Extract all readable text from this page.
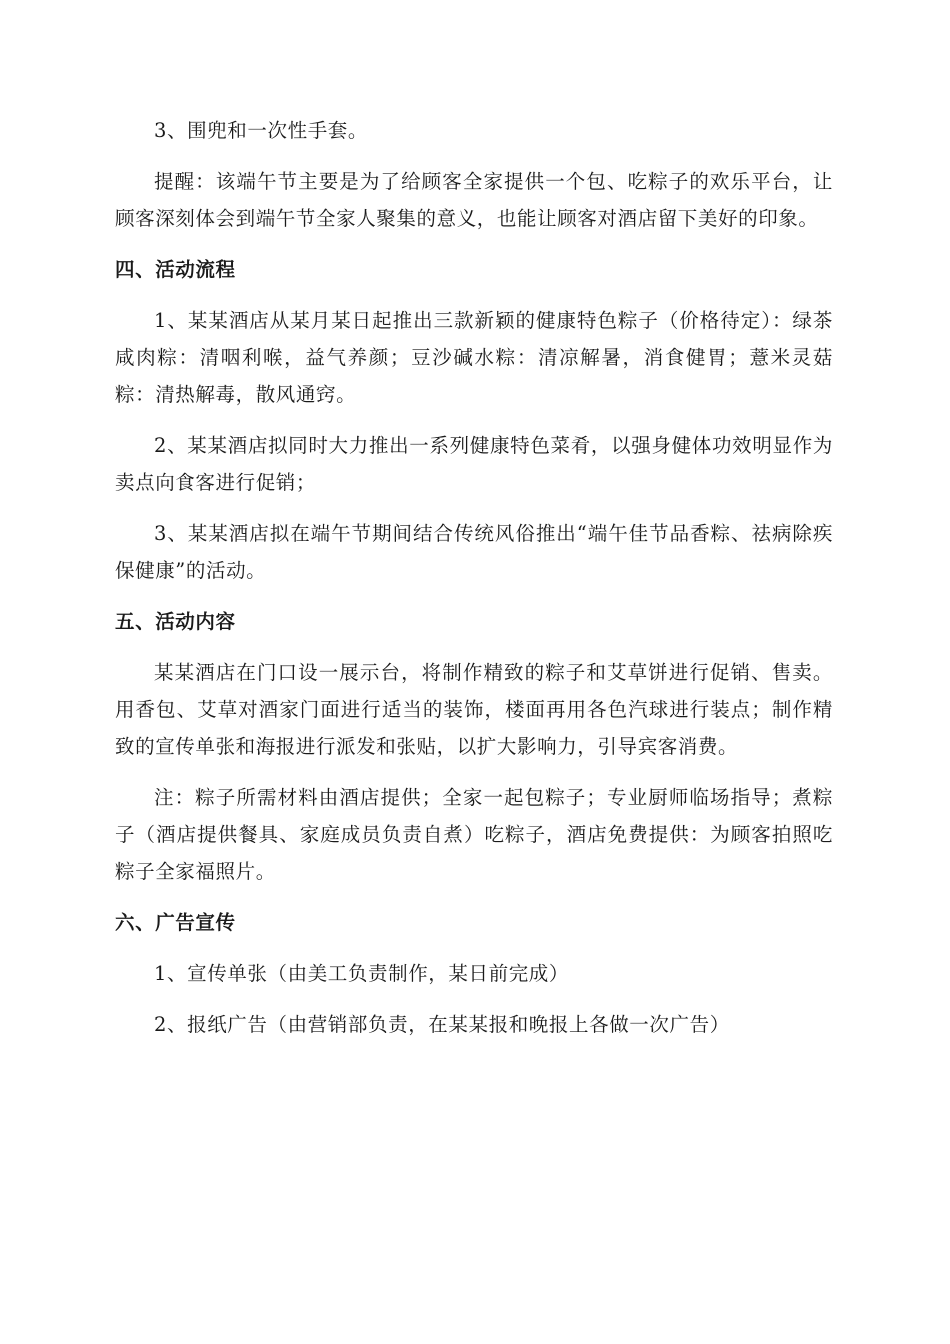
3、围兜和一次性手套。

提醒：该端午节主要是为了给顾客全家提供一个包、吃粽子的欢乐平台，让顾客深刻体会到端午节全家人聚集的意义，也能让顾客对酒店留下美好的印象。

四、活动流程

1、某某酒店从某月某日起推出三款新颖的健康特色粽子（价格待定）：绿茶咸肉粽：清咽利喉，益气养颜；豆沙碱水粽：清凉解暑，消食健胃；薏米灵菇粽：清热解毒，散风通窍。

2、某某酒店拟同时大力推出一系列健康特色菜肴，以强身健体功效明显作为卖点向食客进行促销；

3、某某酒店拟在端午节期间结合传统风俗推出“端午佳节品香粽、祛病除疾保健康”的活动。

五、活动内容

某某酒店在门口设一展示台，将制作精致的粽子和艾草饼进行促销、售卖。用香包、艾草对酒家门面进行适当的装饰，楼面再用各色汽球进行装点；制作精致的宣传单张和海报进行派发和张贴，以扩大影响力，引导宾客消费。

注：粽子所需材料由酒店提供；全家一起包粽子；专业厨师临场指导；煮粽子（酒店提供餐具、家庭成员负责自煮）吃粽子，酒店免费提供：为顾客拍照吃粽子全家福照片。

六、广告宣传

1、宣传单张（由美工负责制作，某日前完成）

2、报纸广告（由营销部负责，在某某报和晚报上各做一次广告）
